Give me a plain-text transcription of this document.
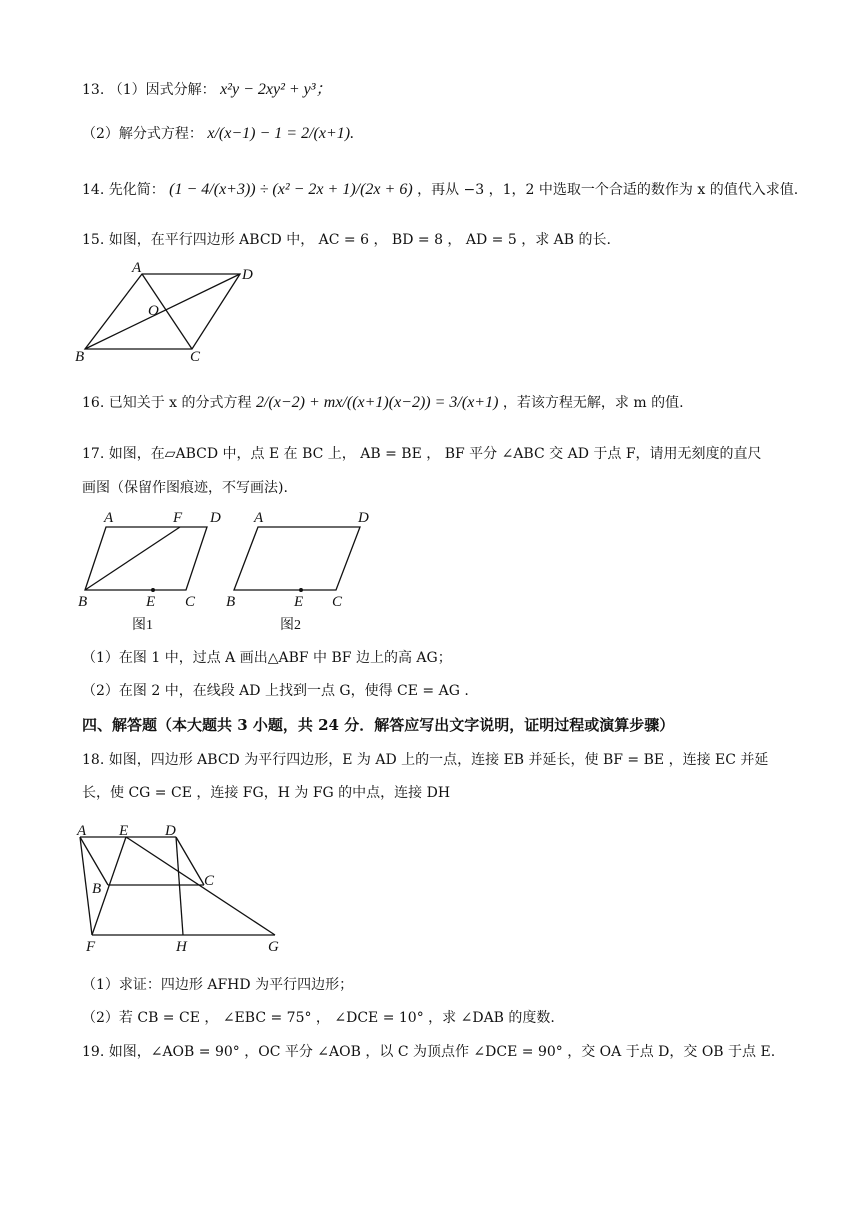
13. （1）因式分解： x²y − 2xy² + y³；
（2）解分式方程： x/(x−1) − 1 = 2/(x+1).
14. 先化简： (1 − 4/(x+3)) ÷ (x² − 2x + 1)/(2x + 6) ，再从 −3 ，1，2 中选取一个合适的数作为 x 的值代入求值.
15. 如图，在平行四边形 ABCD 中， AC = 6 ， BD = 8 ， AD = 5 ，求 AB 的长.
A	D
O
B	C
16. 已知关于 x 的分式方程 2/(x−2) + mx/((x+1)(x−2)) = 3/(x+1) ，若该方程无解，求 m 的值.
17. 如图，在▱ABCD 中，点 E 在 BC 上， AB = BE ， BF 平分 ∠ABC 交 AD 于点 F，请用无刻度的直尺
画图（保留作图痕迹，不写画法).
A	F D
B	E C
图1
A	D
B	E C
图2
（1）在图 1 中，过点 A 画出△ABF 中 BF 边上的高 AG；
（2）在图 2 中，在线段 AD 上找到一点 G，使得 CE = AG .
四、解答题（本大题共 3 小题，共 24 分．解答应写出文字说明，证明过程或演算步骤）
18. 如图，四边形 ABCD 为平行四边形，E 为 AD 上的一点，连接 EB 并延长，使 BF = BE ，连接 EC 并延
长，使 CG = CE ，连接 FG，H 为 FG 的中点，连接 DH
A E D
B	C
F	H	G
（1）求证：四边形 AFHD 为平行四边形；
（2）若 CB = CE ， ∠EBC = 75° ， ∠DCE = 10° ，求 ∠DAB 的度数.
19. 如图，∠AOB = 90° ，OC 平分 ∠AOB ，以 C 为顶点作 ∠DCE = 90° ，交 OA 于点 D，交 OB 于点 E.
